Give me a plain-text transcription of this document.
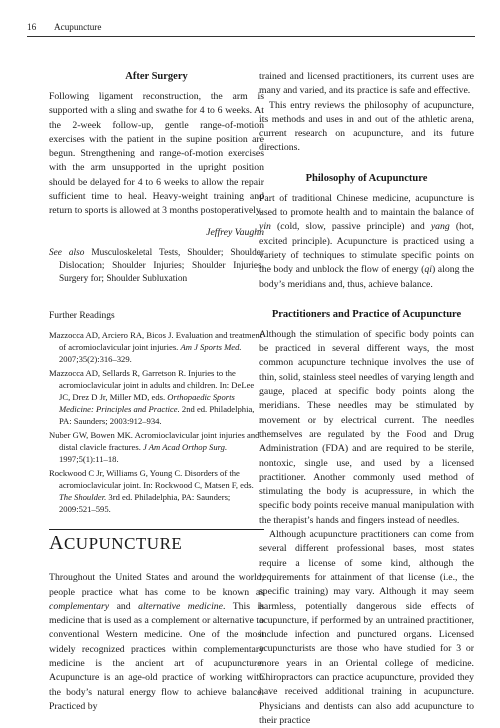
16 Acupuncture
After Surgery

Following ligament reconstruction, the arm is supported with a sling and swathe for 4 to 6 weeks. At the 2-week follow-up, gentle range-of-motion exercises with the patient in the supine position are begun. Strengthening and range-of-motion exercises with the arm unsupported in the upright position should be delayed for 4 to 6 weeks to allow the repair sufficient time to heal. Heavy-weight training and return to sports is allowed at 3 months postoperatively.

Jeffrey Vaughn

See also Musculoskeletal Tests, Shoulder; Shoulder Dislocation; Shoulder Injuries; Shoulder Injuries, Surgery for; Shoulder Subluxation

Further Readings

Mazzocca AD, Arciero RA, Bicos J. Evaluation and treatment of acromioclavicular joint injuries. Am J Sports Med. 2007;35(2):316–329.

Mazzocca AD, Sellards R, Garretson R. Injuries to the acromioclavicular joint in adults and children. In: DeLee JC, Drez D Jr, Miller MD, eds. Orthopaedic Sports Medicine: Principles and Practice. 2nd ed. Philadelphia, PA: Saunders; 2003:912–934.

Nuber GW, Bowen MK. Acromioclavicular joint injuries and distal clavicle fractures. J Am Acad Orthop Surg. 1997;5(1):11–18.

Rockwood C Jr, Williams G, Young C. Disorders of the acromioclavicular joint. In: Rockwood C, Matsen F, eds. The Shoulder. 3rd ed. Philadelphia, PA: Saunders; 2009:521–595.

ACUPUNCTURE

Throughout the United States and around the world, people practice what has come to be known as complementary and alternative medicine. This is medicine that is used as a complement or alternative to conventional Western medicine. One of the most widely recognized practices within complementary medicine is the ancient art of acupuncture. Acupuncture is an age-old practice of working with the body’s natural energy flow to achieve balance. Practiced by

trained and licensed practitioners, its current uses are many and varied, and its practice is safe and effective.

This entry reviews the philosophy of acupuncture, its methods and uses in and out of the athletic arena, current research on acupuncture, and its future directions.

Philosophy of Acupuncture

Part of traditional Chinese medicine, acupuncture is used to promote health and to maintain the balance of yin (cold, slow, passive principle) and yang (hot, excited principle). Acupuncture is practiced using a variety of techniques to stimulate specific points on the body and unblock the flow of energy (qi) along the body’s meridians and, thus, achieve balance.

Practitioners and Practice of Acupuncture

Although the stimulation of specific body points can be practiced in several different ways, the most common acupuncture technique involves the use of thin, solid, stainless steel needles of varying length and gauge, placed at specific body points along the meridians. These needles may be stimulated by movement or by electrical current. The needles themselves are regulated by the Food and Drug Administration (FDA) and are required to be sterile, nontoxic, single use, and used by a licensed practitioner. Another commonly used method of stimulating the body is acupressure, in which the specific body points receive manual manipulation with the therapist’s hands and fingers instead of needles.

Although acupuncture practitioners can come from several different professional bases, most states require a license of some kind, although the requirements for attainment of that license (i.e., the specific training) may vary. Although it may seem harmless, potentially dangerous side effects of acupuncture, if performed by an untrained practitioner, include infection and punctured organs. Licensed acupuncturists are those who have studied for 3 or more years in an Oriental college of medicine. Chiropractors can practice acupuncture, provided they have received additional training in acupuncture. Physicians and dentists can also add acupuncture to their practice
